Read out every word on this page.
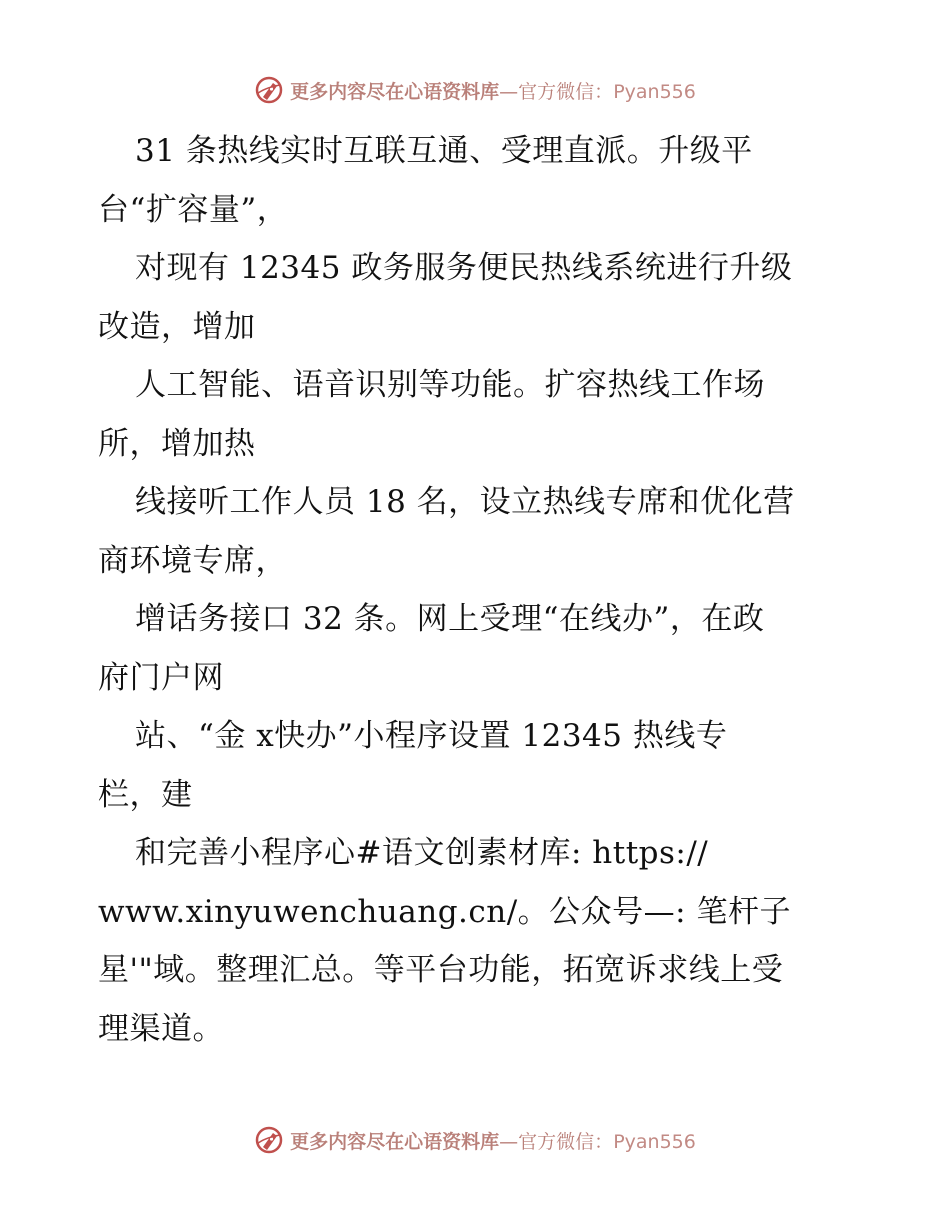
更多内容尽在心语资料库—官方微信：Pyan556
31 条热线实时互联互通、受理直派。升级平
台“扩容量”，
对现有 12345 政务服务便民热线系统进行升级
改造，增加
人工智能、语音识别等功能。扩容热线工作场
所，增加热
线接听工作人员 18 名，设立热线专席和优化营
商环境专席，
增话务接口 32 条。网上受理“在线办”，在政
府门户网
站、“金 x快办”小程序设置 12345 热线专
栏，建
和完善小程序心#语文创素材库: https://
www.xinyuwenchuang.cn/。公众号—: 笔杆子
星'"域。整理汇总。等平台功能，拓宽诉求线上受
理渠道。
更多内容尽在心语资料库—官方微信：Pyan556
